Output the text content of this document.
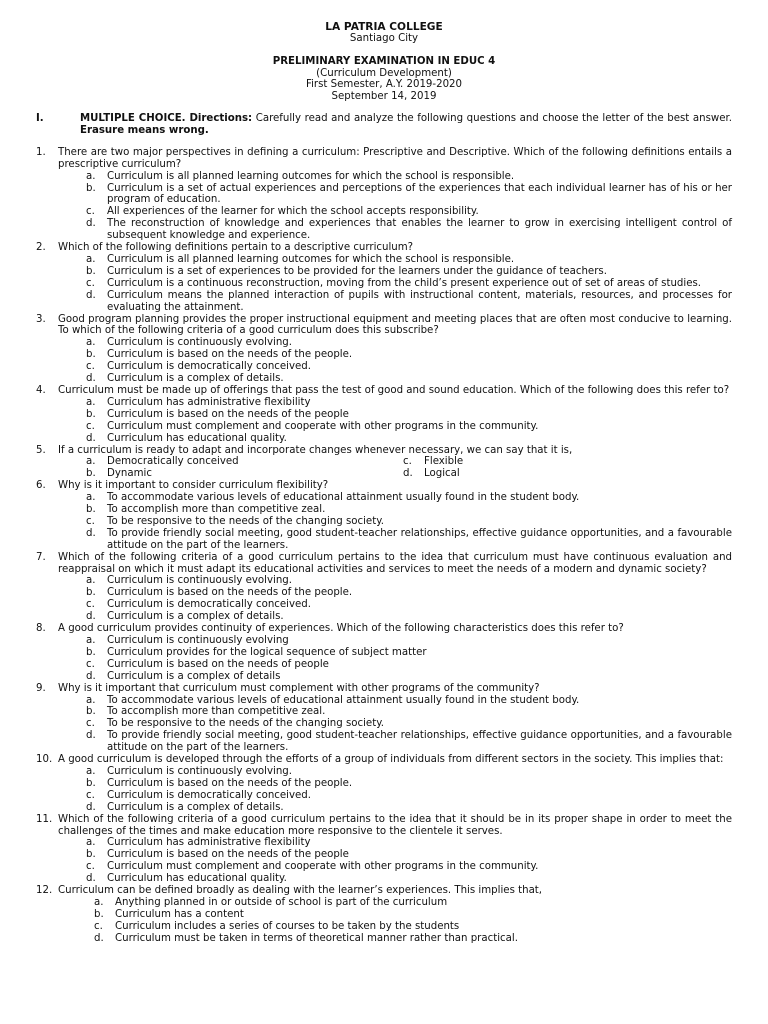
LA PATRIA COLLEGE
Santiago City
PRELIMINARY EXAMINATION IN EDUC 4
(Curriculum Development)
First Semester, A.Y. 2019-2020
September 14, 2019
I.	MULTIPLE CHOICE. Directions: Carefully read and analyze the following questions and choose the letter of the best answer. Erasure means wrong.
1.	There are two major perspectives in defining a curriculum: Prescriptive and Descriptive. Which of the following definitions entails a prescriptive curriculum?
a.	Curriculum is all planned learning outcomes for which the school is responsible.
b.	Curriculum is a set of actual experiences and perceptions of the experiences that each individual learner has of his or her program of education.
c.	All experiences of the learner for which the school accepts responsibility.
d.	The reconstruction of knowledge and experiences that enables the learner to grow in exercising intelligent control of subsequent knowledge and experience.
2.	Which of the following definitions pertain to a descriptive curriculum?
a.	Curriculum is all planned learning outcomes for which the school is responsible.
b.	Curriculum is a set of experiences to be provided for the learners under the guidance of teachers.
c.	Curriculum is a continuous reconstruction, moving from the child’s present experience out of set of areas of studies.
d.	Curriculum means the planned interaction of pupils with instructional content, materials, resources, and processes for evaluating the attainment.
3.	Good program planning provides the proper instructional equipment and meeting places that are often most conducive to learning. To which of the following criteria of a good curriculum does this subscribe?
a.	Curriculum is continuously evolving.
b.	Curriculum is based on the needs of the people.
c.	Curriculum is democratically conceived.
d.	Curriculum is a complex of details.
4.	Curriculum must be made up of offerings that pass the test of good and sound education. Which of the following does this refer to?
a.	Curriculum has administrative flexibility
b.	Curriculum is based on the needs of the people
c.	Curriculum must complement and cooperate with other programs in the community.
d.	Curriculum has educational quality.
5.	If a curriculum is ready to adapt and incorporate changes whenever necessary, we can say that it is,
a.	Democratically conceived	c.	Flexible
b.	Dynamic	d.	Logical
6.	Why is it important to consider curriculum flexibility?
a.	To accommodate various levels of educational attainment usually found in the student body.
b.	To accomplish more than competitive zeal.
c.	To be responsive to the needs of the changing society.
d.	To provide friendly social meeting, good student-teacher relationships, effective guidance opportunities, and a favourable attitude on the part of the learners.
7.	Which of the following criteria of a good curriculum pertains to the idea that curriculum must have continuous evaluation and reappraisal on which it must adapt its educational activities and services to meet the needs of a modern and dynamic society?
a.	Curriculum is continuously evolving.
b.	Curriculum is based on the needs of the people.
c.	Curriculum is democratically conceived.
d.	Curriculum is a complex of details.
8.	A good curriculum provides continuity of experiences. Which of the following characteristics does this refer to?
a.	Curriculum is continuously evolving
b.	Curriculum provides for the logical sequence of subject matter
c.	Curriculum is based on the needs of people
d.	Curriculum is a complex of details
9.	Why is it important that curriculum must complement with other programs of the community?
a.	To accommodate various levels of educational attainment usually found in the student body.
b.	To accomplish more than competitive zeal.
c.	To be responsive to the needs of the changing society.
d.	To provide friendly social meeting, good student-teacher relationships, effective guidance opportunities, and a favourable attitude on the part of the learners.
10. A good curriculum is developed through the efforts of a group of individuals from different sectors in the society. This implies that:
a.	Curriculum is continuously evolving.
b.	Curriculum is based on the needs of the people.
c.	Curriculum is democratically conceived.
d.	Curriculum is a complex of details.
11. Which of the following criteria of a good curriculum pertains to the idea that it should be in its proper shape in order to meet the challenges of the times and make education more responsive to the clientele it serves.
a.	Curriculum has administrative flexibility
b.	Curriculum is based on the needs of the people
c.	Curriculum must complement and cooperate with other programs in the community.
d.	Curriculum has educational quality.
12. Curriculum can be defined broadly as dealing with the learner’s experiences. This implies that,
a.	Anything planned in or outside of school is part of the curriculum
b.	Curriculum has a content
c.	Curriculum includes a series of courses to be taken by the students
d.	Curriculum must be taken in terms of theoretical manner rather than practical.
